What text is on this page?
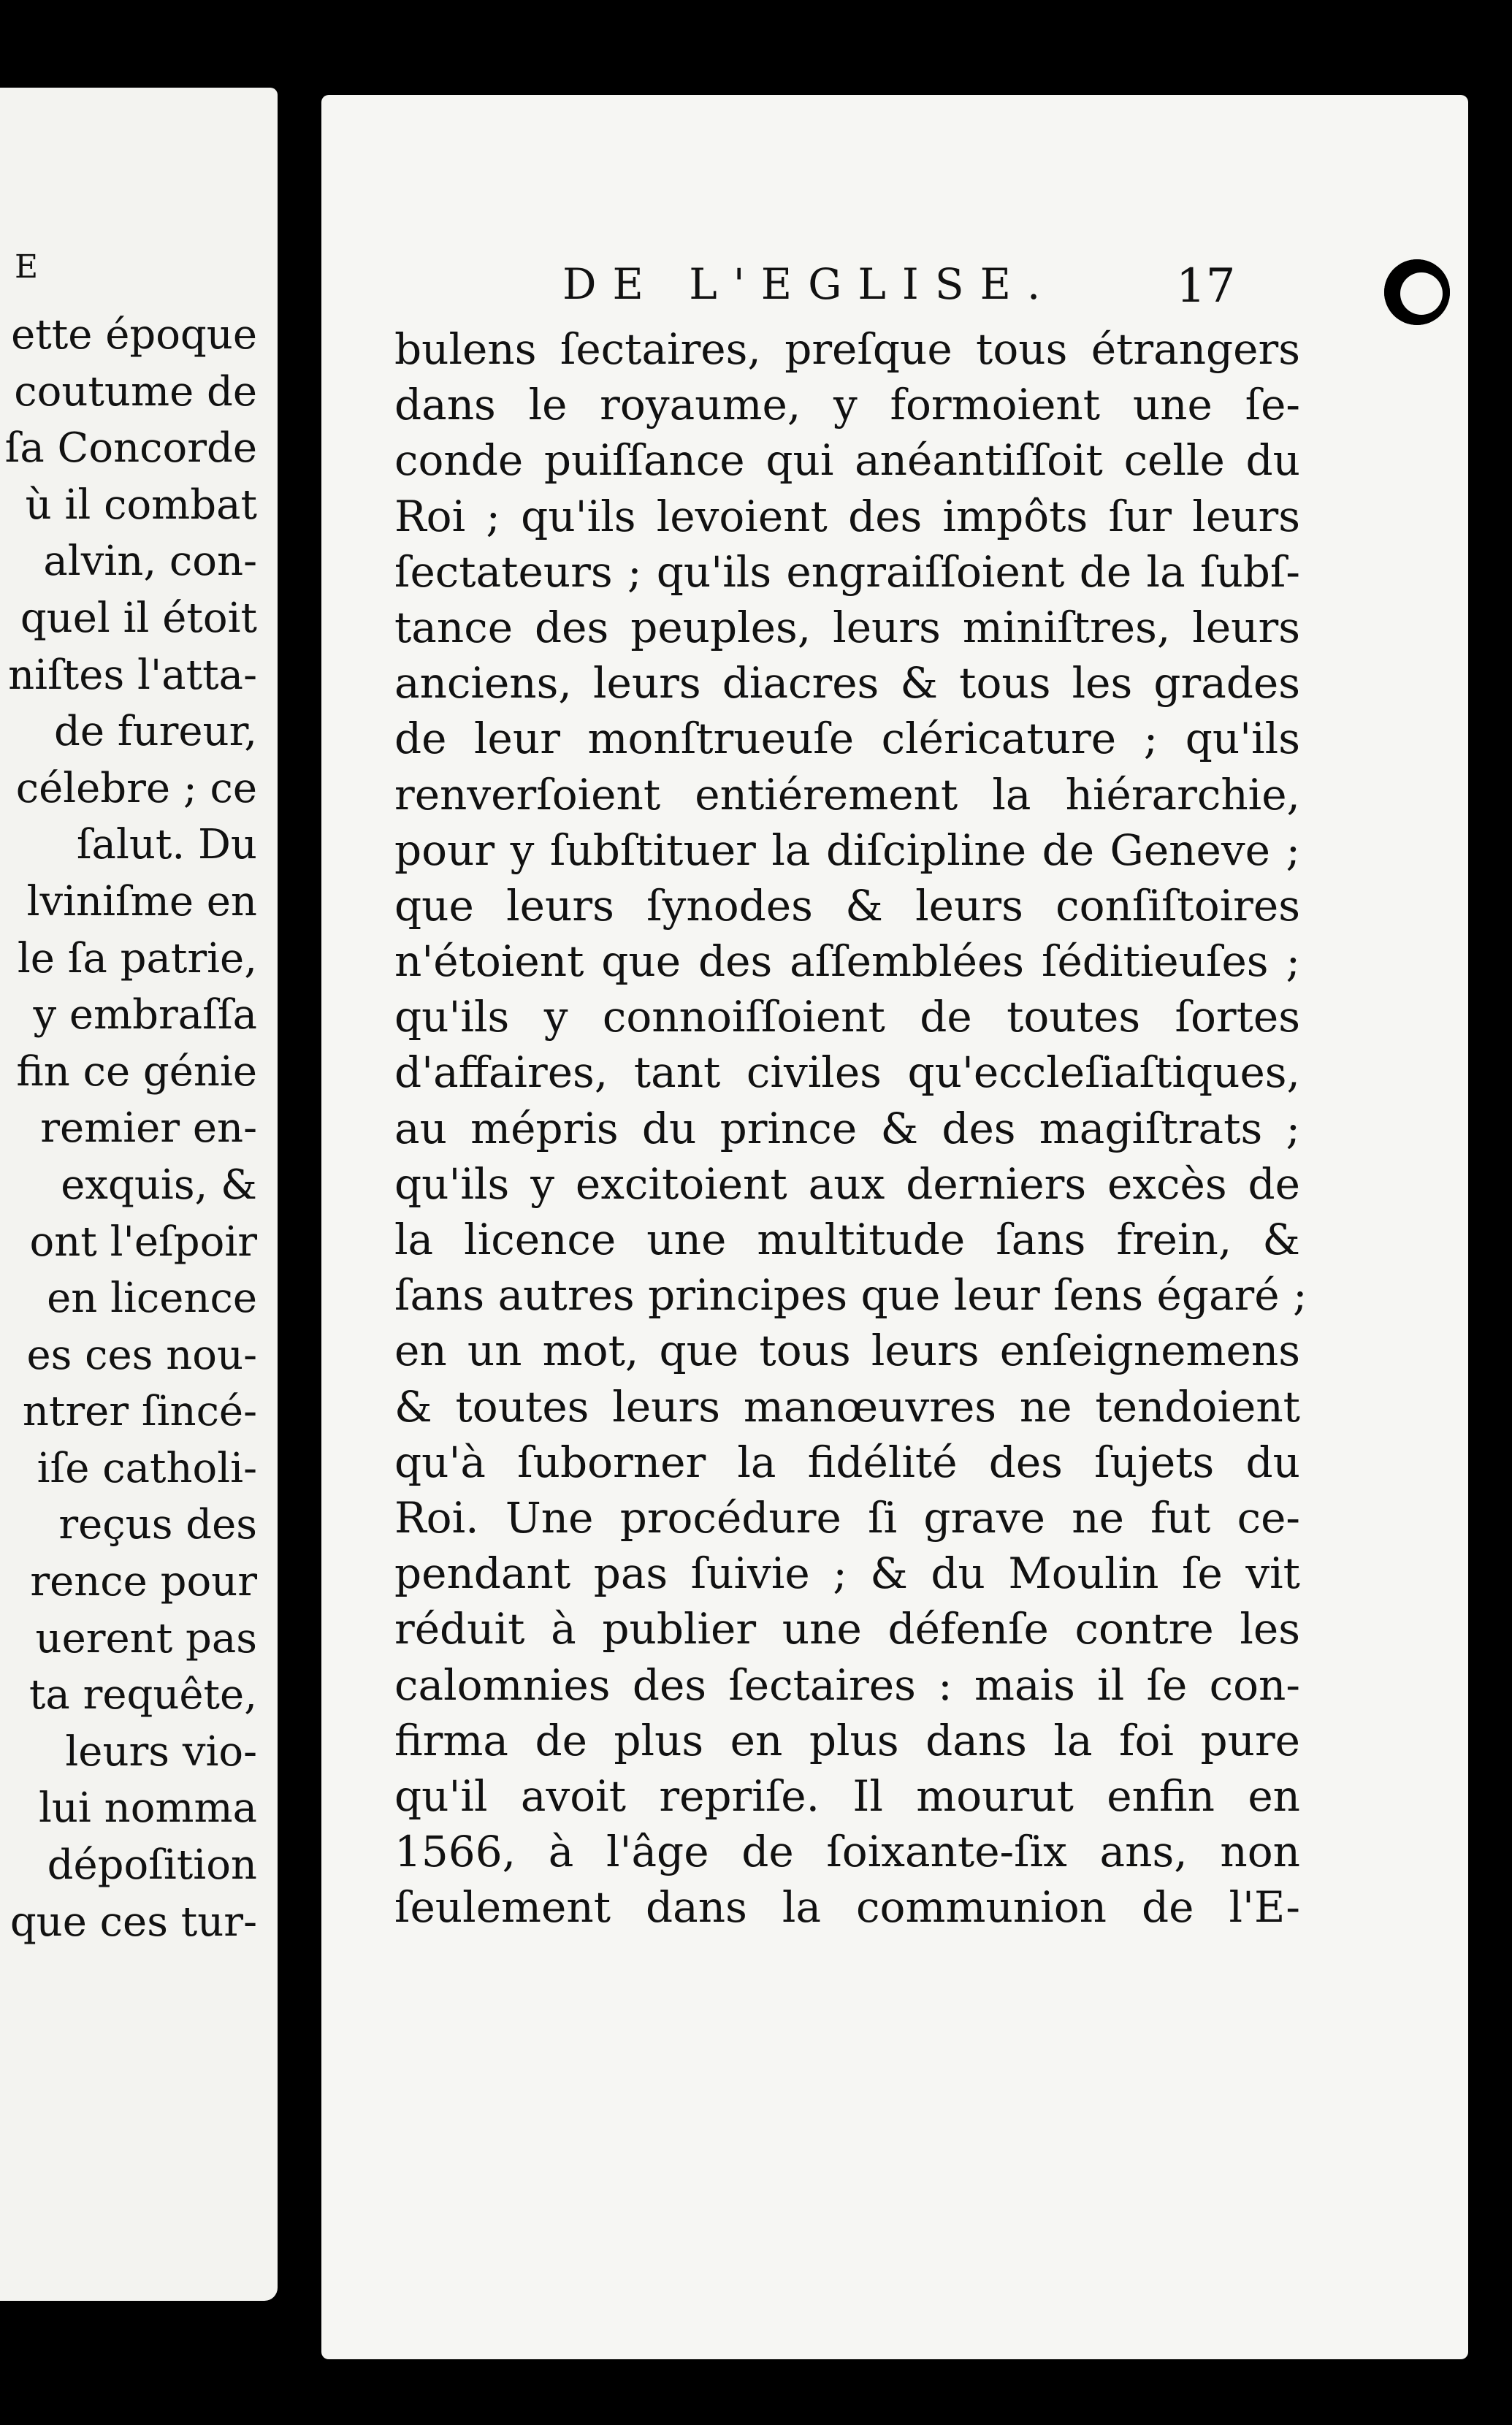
E
ette époque
coutume de
ſa Concorde
ù il combat
alvin, con-
quel il étoit
niſtes l'atta-
de fureur,
célebre ; ce
ſalut. Du
lviniſme en
le ſa patrie,
y embraſſa
fin ce génie
remier en-
exquis, &
ont l'eſpoir
en licence
es ces nou-
ntrer ſincé-
iſe catholi-
reçus des
rence pour
uerent pas
ta requête,
leurs vio-
lui nomma
dépoſition
que ces tur-
DE L'EGLISE.	17
bulens ſectaires, preſque tous étrangers
dans le royaume, y formoient une ſe-
conde puiſſance qui anéantiſſoit celle du
Roi ; qu'ils levoient des impôts ſur leurs
ſectateurs ; qu'ils engraiſſoient de la ſubſ-
tance des peuples, leurs miniſtres, leurs
anciens, leurs diacres & tous les grades
de leur monſtrueuſe cléricature ; qu'ils
renverſoient entiérement la hiérarchie,
pour y ſubſtituer la diſcipline de Geneve ;
que leurs ſynodes & leurs conſiſtoires
n'étoient que des aſſemblées ſéditieuſes ;
qu'ils y connoiſſoient de toutes ſortes
d'affaires, tant civiles qu'eccleſiaſtiques,
au mépris du prince & des magiſtrats ;
qu'ils y excitoient aux derniers excès de
la licence une multitude ſans frein, &
ſans autres principes que leur ſens égaré ;
en un mot, que tous leurs enſeignemens
& toutes leurs manœuvres ne tendoient
qu'à ſuborner la fidélité des ſujets du
Roi. Une procédure ſi grave ne fut ce-
pendant pas ſuivie ; & du Moulin ſe vit
réduit à publier une défenſe contre les
calomnies des ſectaires : mais il ſe con-
firma de plus en plus dans la foi pure
qu'il avoit repriſe. Il mourut enfin en
1566, à l'âge de ſoixante-ſix ans, non
ſeulement dans la communion de l'E-
